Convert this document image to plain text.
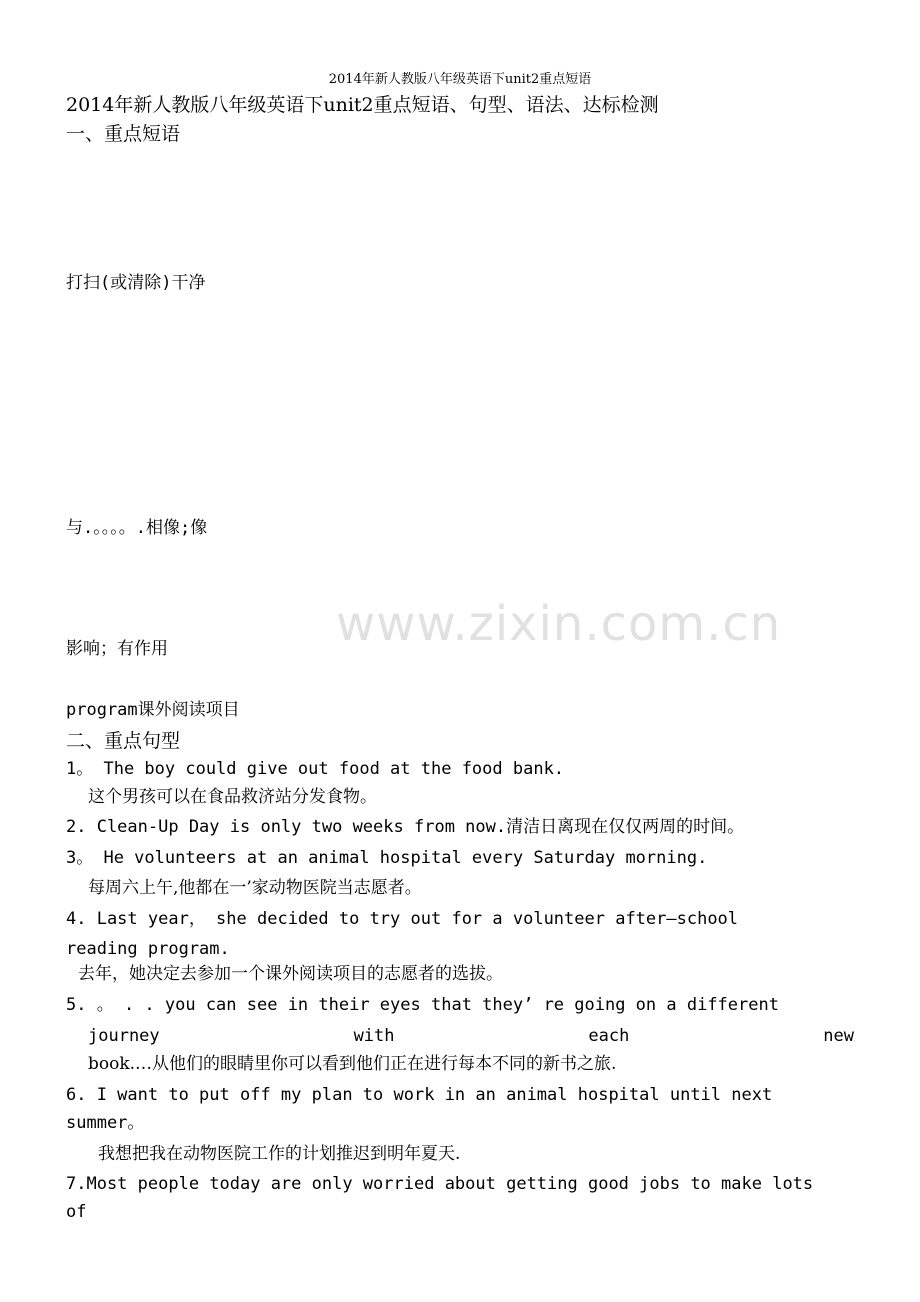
2014年新人教版八年级英语下unit2重点短语
2014年新人教版八年级英语下unit2重点短语、句型、语法、达标检测
一、重点短语
打扫(或清除)干净
与.。。。。.相像;像
www.zixin.com.cn
影响；有作用
program课外阅读项目
二、重点句型
1。 The boy could give out food at the food bank.
这个男孩可以在食品救济站分发食物。
2. Clean-Up Day is only two weeks from now.清洁日离现在仅仅两周的时间。
3。 He volunteers at an animal hospital every Saturday morning.
每周六上午,他都在一’家动物医院当志愿者。
4. Last year， she decided to try out for a volunteer after—school
reading program.
去年，她决定去参加一个课外阅读项目的志愿者的选拔。
5. 。 . . you can see in their eyes that they’ re going on a different
journey	with	each	new
book.…从他们的眼睛里你可以看到他们正在进行每本不同的新书之旅.
6. I want to put off my plan to work in an animal hospital until next
summer。
我想把我在动物医院工作的计划推迟到明年夏天.
7.Most people today are only worried about getting good jobs to make lots
of
